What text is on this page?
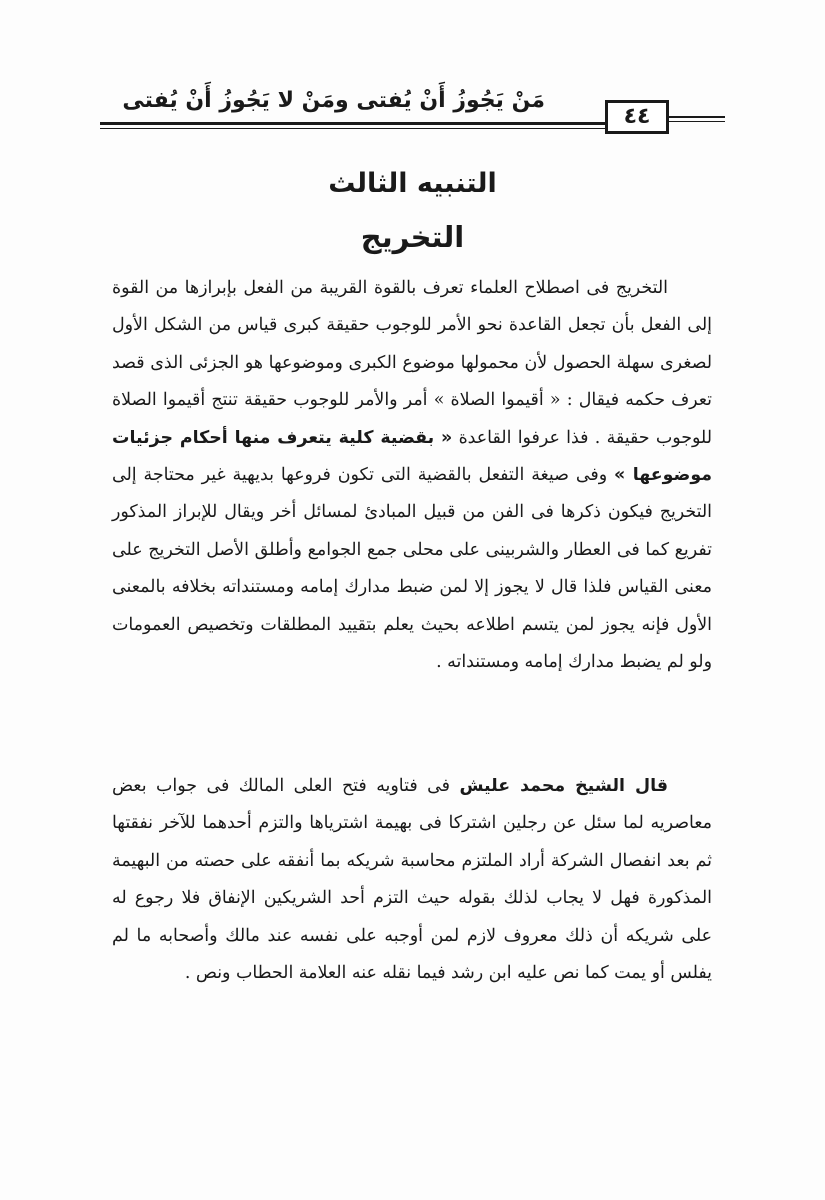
٤٤
مَنْ يَجُوزُ أَنْ يُفتى ومَنْ لا يَجُوزُ أَنْ يُفتى
التنبيه الثالث
التخريج
التخريج فى اصطلاح العلماء تعرف بالقوة القريبة من الفعل بإبرازها من القوة إلى الفعل بأن تجعل القاعدة نحو الأمر للوجوب حقيقة كبرى قياس من الشكل الأول لصغرى سهلة الحصول لأن محمولها موضوع الكبرى وموضوعها هو الجزئى الذى قصد تعرف حكمه فيقال : « أقيموا الصلاة » أمر والأمر للوجوب حقيقة تنتج أقيموا الصلاة للوجوب حقيقة . فذا عرفوا القاعدة « بقضية كلية يتعرف منها أحكام جزئيات موضوعها » وفى صيغة التفعل بالقضية التى تكون فروعها بديهية غير محتاجة إلى التخريج فيكون ذكرها فى الفن من قبيل المبادئ لمسائل أخر ويقال للإبراز المذكور تفريع كما فى العطار والشربينى على محلى جمع الجوامع وأطلق الأصل التخريج على معنى القياس فلذا قال لا يجوز إلا لمن ضبط مدارك إمامه ومستنداته بخلافه بالمعنى الأول فإنه يجوز لمن يتسم اطلاعه بحيث يعلم بتقييد المطلقات وتخصيص العمومات ولو لم يضبط مدارك إمامه ومستنداته .
قال الشيخ محمد عليش فى فتاويه فتح العلى المالك فى جواب بعض معاصريه لما سئل عن رجلين اشتركا فى بهيمة اشترياها والتزم أحدهما للآخر نفقتها ثم بعد انفصال الشركة أراد الملتزم محاسبة شريكه بما أنفقه على حصته من البهيمة المذكورة فهل لا يجاب لذلك بقوله حيث التزم أحد الشريكين الإنفاق فلا رجوع له على شريكه أن ذلك معروف لازم لمن أوجبه على نفسه عند مالك وأصحابه ما لم يفلس أو يمت كما نص عليه ابن رشد فيما نقله عنه العلامة الحطاب ونص .
